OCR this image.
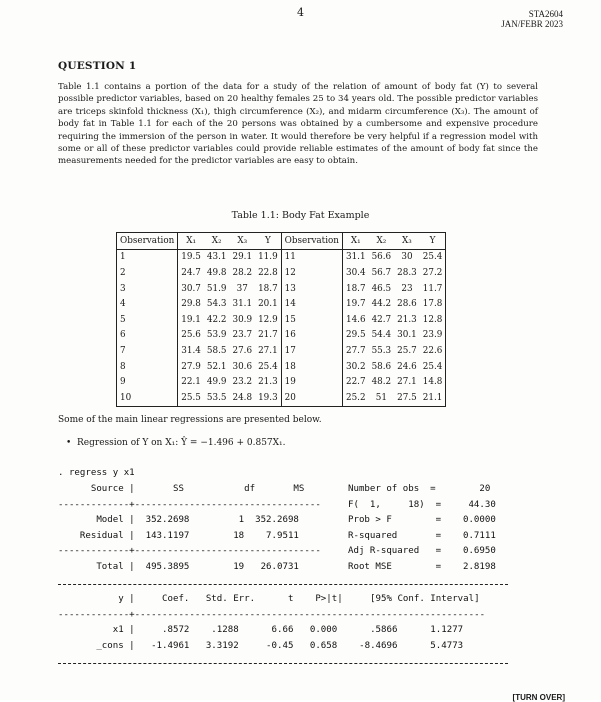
4	STA2604
JAN/FEBR 2023
QUESTION 1
Table 1.1 contains a portion of the data for a study of the relation of amount of body fat (Y) to several possible predictor variables, based on 20 healthy females 25 to 34 years old. The possible predictor variables are triceps skinfold thickness (X₁), thigh circumference (X₂), and midarm circumference (X₃). The amount of body fat in Table 1.1 for each of the 20 persons was obtained by a cumbersome and expensive procedure requiring the immersion of the person in water. It would therefore be very helpful if a regression model with some or all of these predictor variables could provide reliable estimates of the amount of body fat since the measurements needed for the predictor variables are easy to obtain.
Table 1.1: Body Fat Example
Observation	X₁	X₂	X₃	Y	Observation	X₁	X₂	X₃	Y
1	19.5	43.1	29.1	11.9	11	31.1	56.6	30	25.4
2	24.7	49.8	28.2	22.8	12	30.4	56.7	28.3	27.2
3	30.7	51.9	37	18.7	13	18.7	46.5	23	11.7
4	29.8	54.3	31.1	20.1	14	19.7	44.2	28.6	17.8
5	19.1	42.2	30.9	12.9	15	14.6	42.7	21.3	12.8
6	25.6	53.9	23.7	21.7	16	29.5	54.4	30.1	23.9
7	31.4	58.5	27.6	27.1	17	27.7	55.3	25.7	22.6
8	27.9	52.1	30.6	25.4	18	30.2	58.6	24.6	25.4
9	22.1	49.9	23.2	21.3	19	22.7	48.2	27.1	14.8
10	25.5	53.5	24.8	19.3	20	25.2	51	27.5	21.1
Some of the main linear regressions are presented below.
•  Regression of Y on X₁: Ŷ = −1.496 + 0.857X₁.
. regress y x1
Source |       SS           df       MS
-------------+----------------------------------
Model |  352.2698         1  352.2698
Residual |  143.1197        18    7.9511
-------------+----------------------------------
Total |  495.3895        19   26.0731
Number of obs  =        20
F(  1,     18)  =     44.30
Prob > F        =    0.0000
R-squared       =    0.7111
Adj R-squared   =    0.6950
Root MSE        =    2.8198
y |     Coef.   Std. Err.      t    P>|t|     [95% Conf. Interval]
-------------+----------------------------------------------------------------
x1 |     .8572    .1288      6.66   0.000      .5866      1.1277
_cons |   -1.4961   3.3192     -0.45   0.658    -8.4696      5.4773
[TURN OVER]
